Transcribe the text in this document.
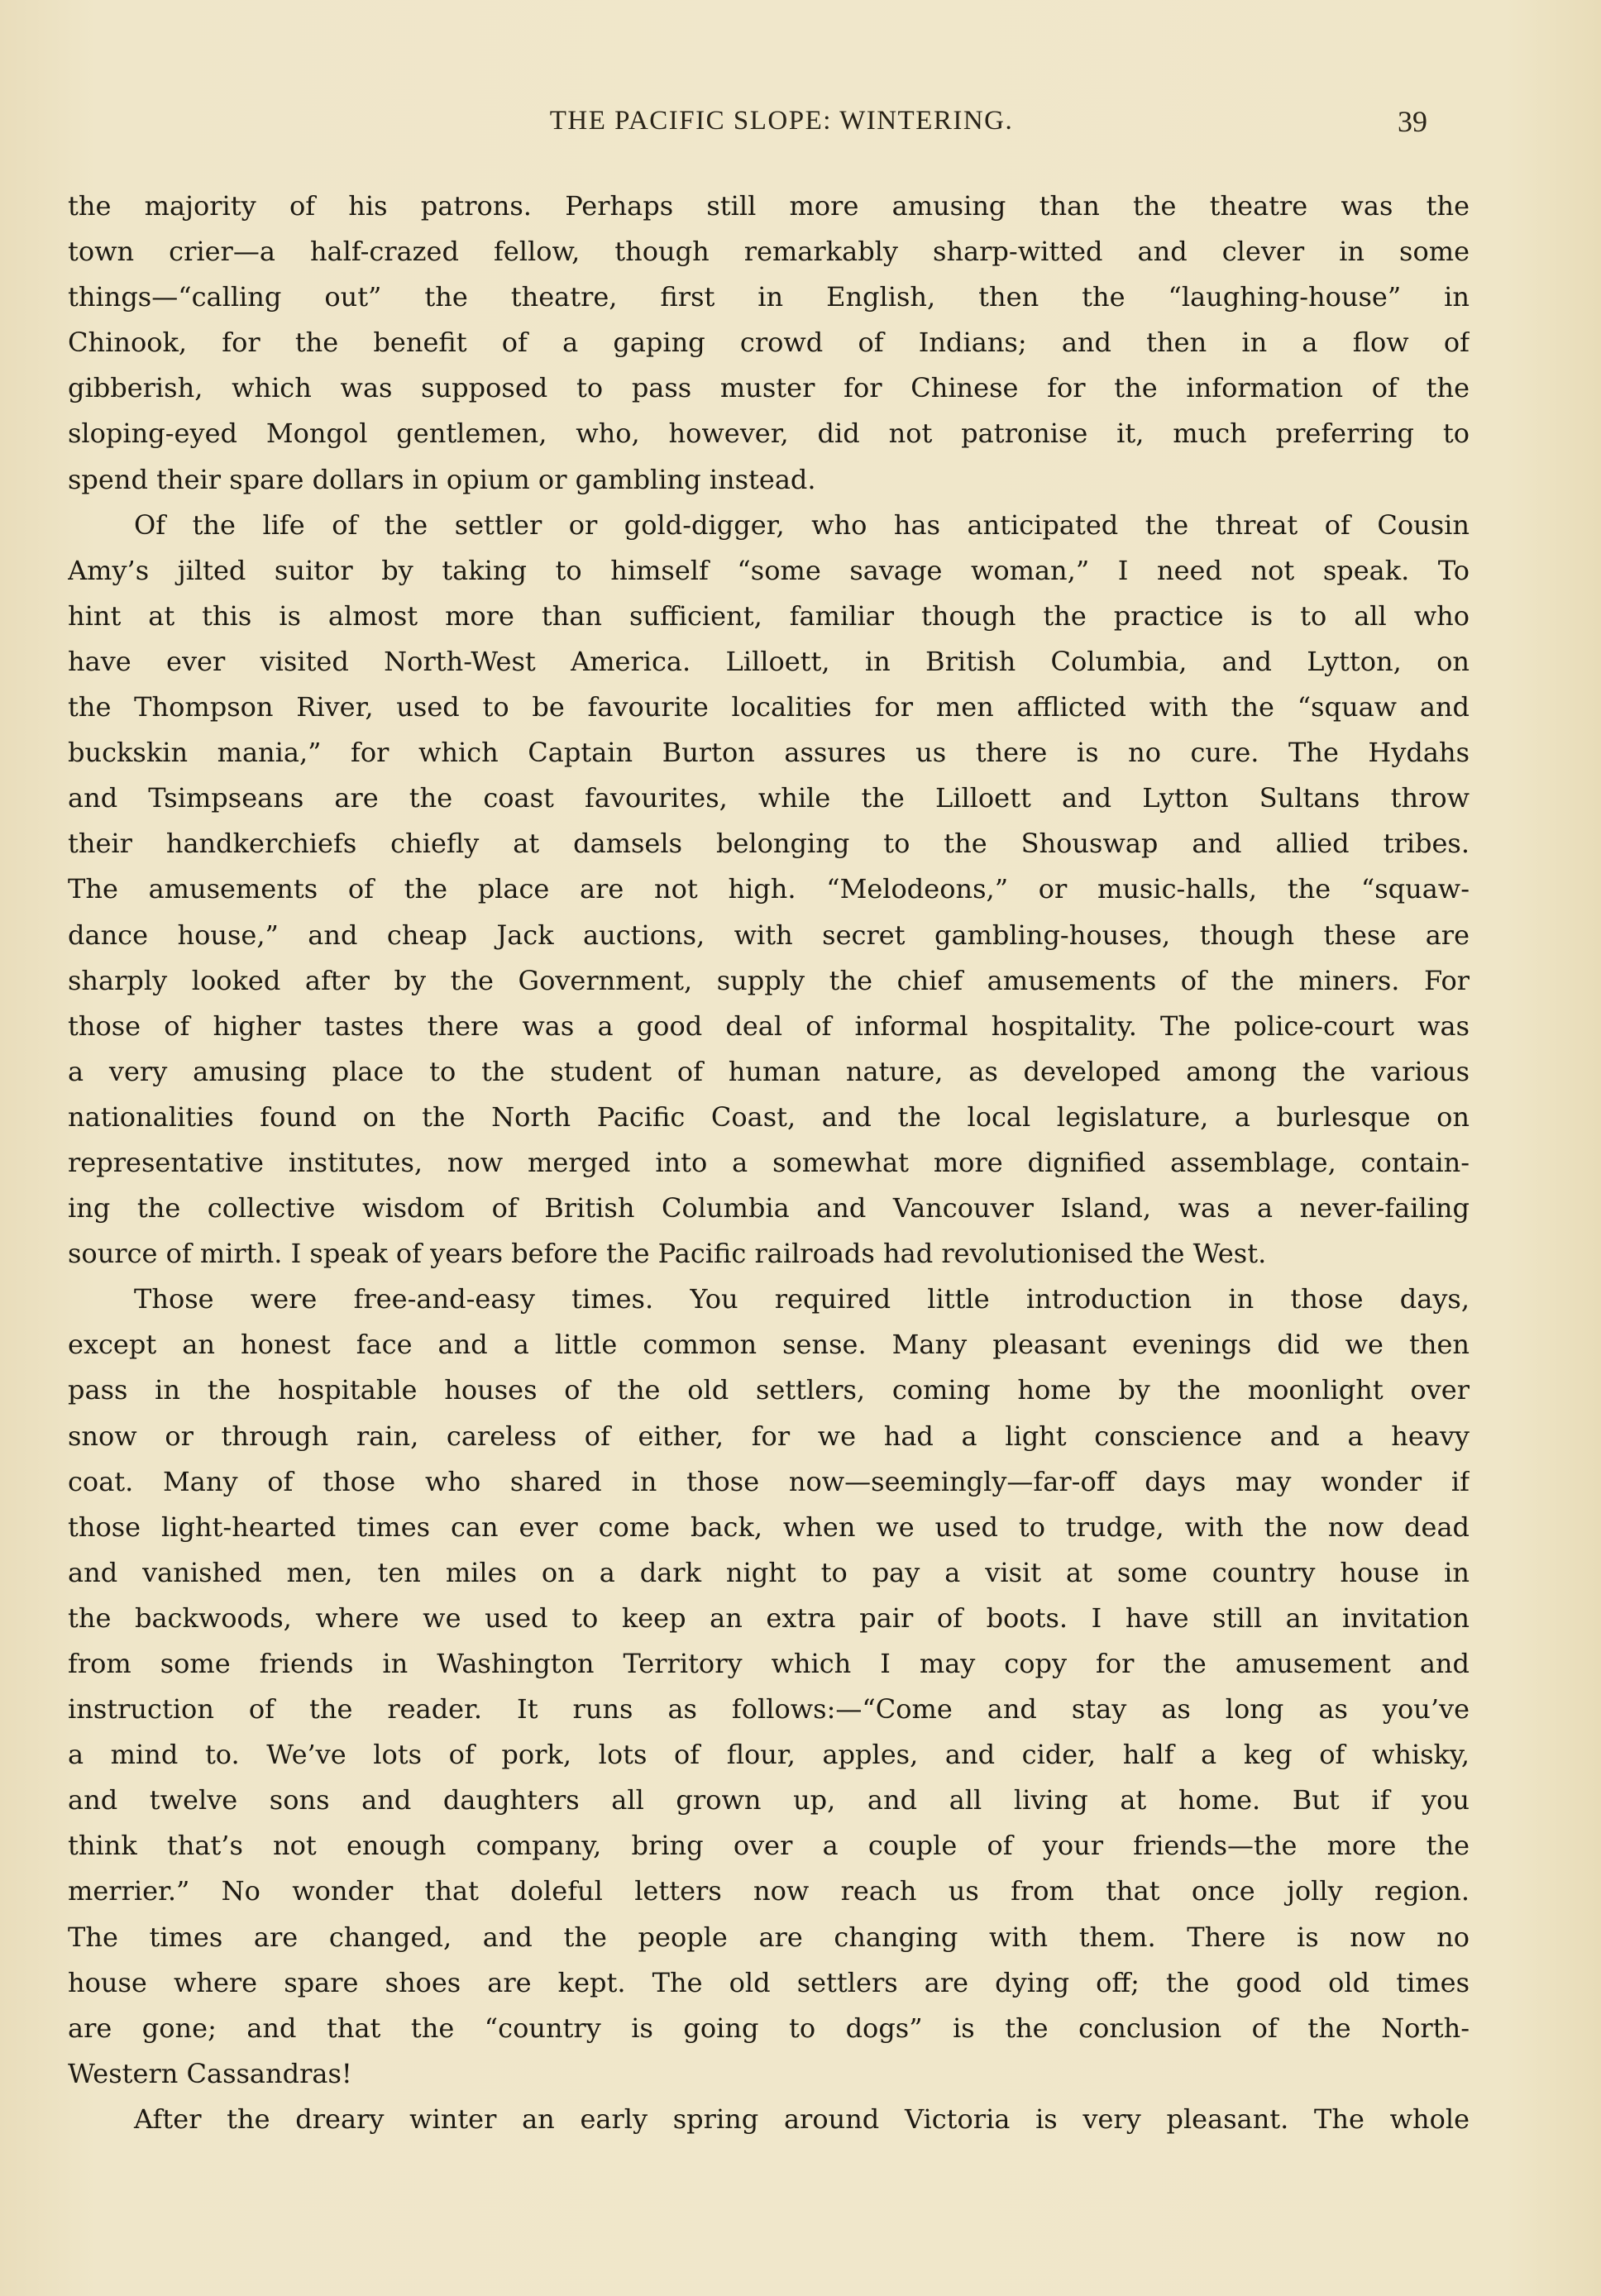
THE PACIFIC SLOPE: WINTERING.	39
the majority of his patrons. Perhaps still more amusing than the theatre was the
town crier—a half-crazed fellow, though remarkably sharp-witted and clever in some
things—“calling out” the theatre, first in English, then the “laughing-house” in
Chinook, for the benefit of a gaping crowd of Indians; and then in a flow of
gibberish, which was supposed to pass muster for Chinese for the information of the
sloping-eyed Mongol gentlemen, who, however, did not patronise it, much preferring to
spend their spare dollars in opium or gambling instead.
Of the life of the settler or gold-digger, who has anticipated the threat of Cousin
Amy’s jilted suitor by taking to himself “some savage woman,” I need not speak. To
hint at this is almost more than sufficient, familiar though the practice is to all who
have ever visited North-West America. Lilloett, in British Columbia, and Lytton, on
the Thompson River, used to be favourite localities for men afflicted with the “squaw and
buckskin mania,” for which Captain Burton assures us there is no cure. The Hydahs
and Tsimpseans are the coast favourites, while the Lilloett and Lytton Sultans throw
their handkerchiefs chiefly at damsels belonging to the Shouswap and allied tribes.
The amusements of the place are not high. “Melodeons,” or music-halls, the “squaw-
dance house,” and cheap Jack auctions, with secret gambling-houses, though these are
sharply looked after by the Government, supply the chief amusements of the miners. For
those of higher tastes there was a good deal of informal hospitality. The police-court was
a very amusing place to the student of human nature, as developed among the various
nationalities found on the North Pacific Coast, and the local legislature, a burlesque on
representative institutes, now merged into a somewhat more dignified assemblage, contain-
ing the collective wisdom of British Columbia and Vancouver Island, was a never-failing
source of mirth. I speak of years before the Pacific railroads had revolutionised the West.
Those were free-and-easy times. You required little introduction in those days,
except an honest face and a little common sense. Many pleasant evenings did we then
pass in the hospitable houses of the old settlers, coming home by the moonlight over
snow or through rain, careless of either, for we had a light conscience and a heavy
coat. Many of those who shared in those now—seemingly—far-off days may wonder if
those light-hearted times can ever come back, when we used to trudge, with the now dead
and vanished men, ten miles on a dark night to pay a visit at some country house in
the backwoods, where we used to keep an extra pair of boots. I have still an invitation
from some friends in Washington Territory which I may copy for the amusement and
instruction of the reader. It runs as follows:—“Come and stay as long as you’ve
a mind to. We’ve lots of pork, lots of flour, apples, and cider, half a keg of whisky,
and twelve sons and daughters all grown up, and all living at home. But if you
think that’s not enough company, bring over a couple of your friends—the more the
merrier.” No wonder that doleful letters now reach us from that once jolly region.
The times are changed, and the people are changing with them. There is now no
house where spare shoes are kept. The old settlers are dying off; the good old times
are gone; and that the “country is going to dogs” is the conclusion of the North-
Western Cassandras!
After the dreary winter an early spring around Victoria is very pleasant. The whole
